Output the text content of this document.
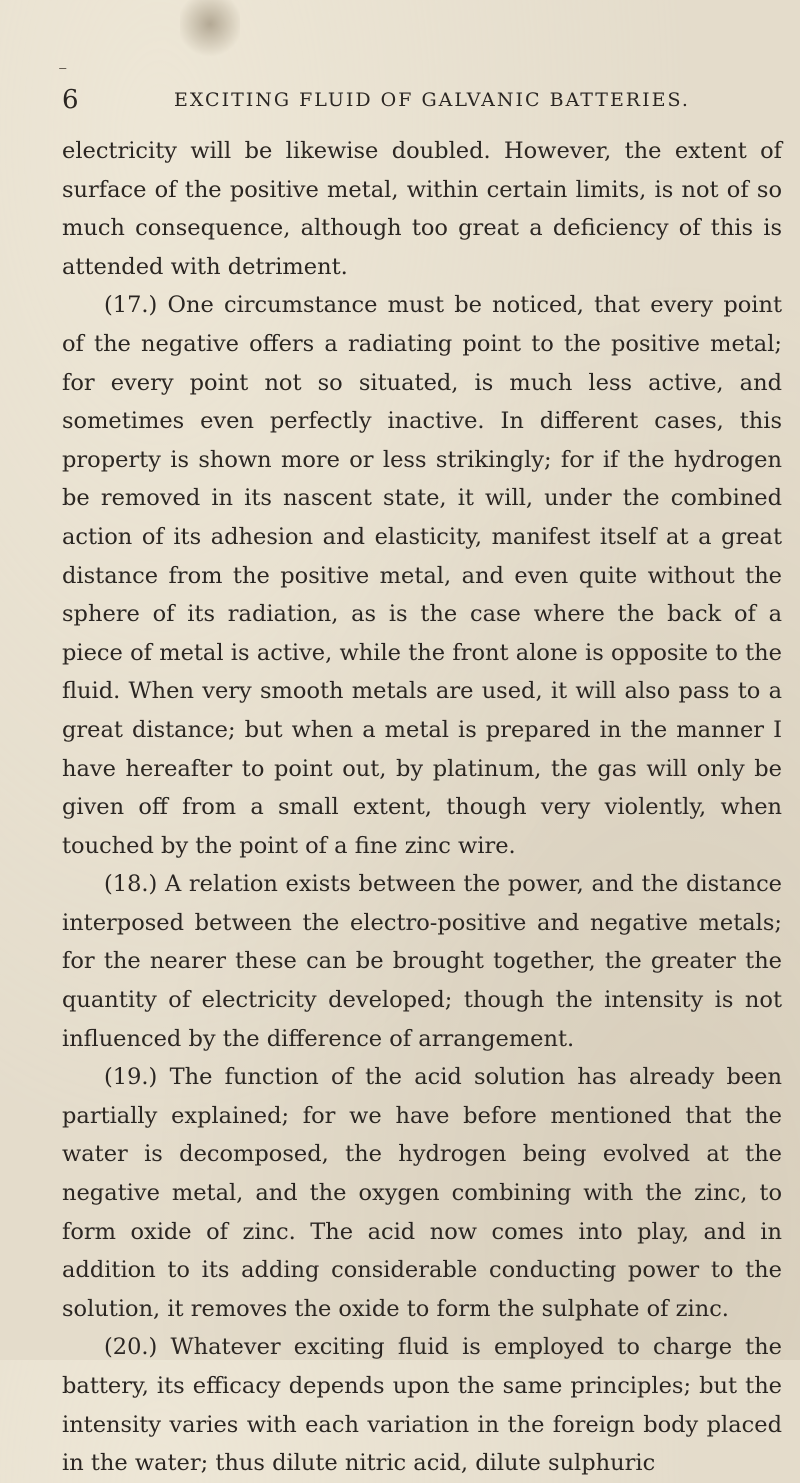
⁻
6	EXCITING FLUID OF GALVANIC BATTERIES.

electricity will be likewise doubled. However, the extent of surface of the positive metal, within certain limits, is not of so much consequence, although too great a deficiency of this is attended with detriment.

(17.) One circumstance must be noticed, that every point of the negative offers a radiating point to the positive metal; for every point not so situated, is much less active, and sometimes even perfectly inactive. In different cases, this property is shown more or less strikingly; for if the hydrogen be removed in its nascent state, it will, under the combined action of its adhesion and elasticity, manifest itself at a great distance from the positive metal, and even quite without the sphere of its radiation, as is the case where the back of a piece of metal is active, while the front alone is opposite to the fluid. When very smooth metals are used, it will also pass to a great distance; but when a metal is prepared in the manner I have hereafter to point out, by platinum, the gas will only be given off from a small extent, though very violently, when touched by the point of a fine zinc wire.

(18.) A relation exists between the power, and the distance interposed between the electro-positive and negative metals; for the nearer these can be brought together, the greater the quantity of electricity developed; though the intensity is not influenced by the difference of arrangement.

(19.) The function of the acid solution has already been partially explained; for we have before mentioned that the water is decomposed, the hydrogen being evolved at the negative metal, and the oxygen combining with the zinc, to form oxide of zinc. The acid now comes into play, and in addition to its adding considerable conducting power to the solution, it removes the oxide to form the sulphate of zinc.

(20.) Whatever exciting fluid is employed to charge the battery, its efficacy depends upon the same principles; but the intensity varies with each variation in the foreign body placed in the water; thus dilute nitric acid, dilute sulphuric
